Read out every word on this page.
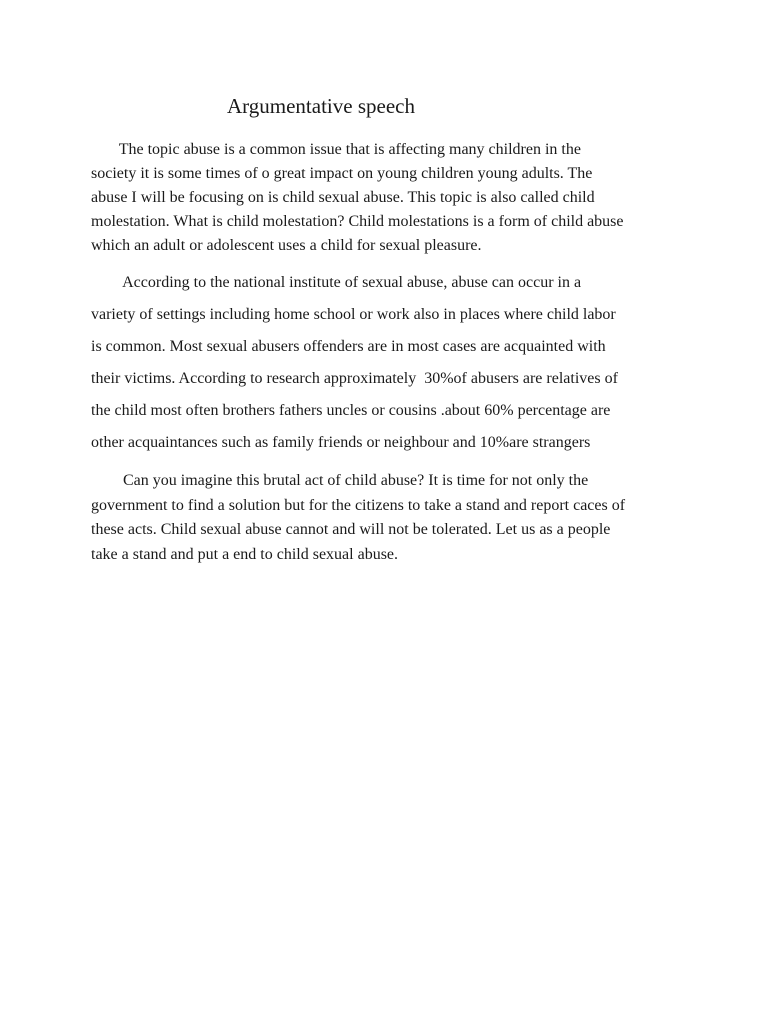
Argumentative speech

The topic abuse is a common issue that is affecting many children in the
society it is some times of o great impact on young children young adults. The
abuse I will be focusing on is child sexual abuse. This topic is also called child
molestation. What is child molestation? Child molestations is a form of child abuse
which an adult or adolescent uses a child for sexual pleasure.

According to the national institute of sexual abuse, abuse can occur in a
variety of settings including home school or work also in places where child labor
is common. Most sexual abusers offenders are in most cases are acquainted with
their victims. According to research approximately  30%of abusers are relatives of
the child most often brothers fathers uncles or cousins .about 60% percentage are
other acquaintances such as family friends or neighbour and 10%are strangers

Can you imagine this brutal act of child abuse? It is time for not only the
government to find a solution but for the citizens to take a stand and report caces of
these acts. Child sexual abuse cannot and will not be tolerated. Let us as a people
take a stand and put a end to child sexual abuse.
